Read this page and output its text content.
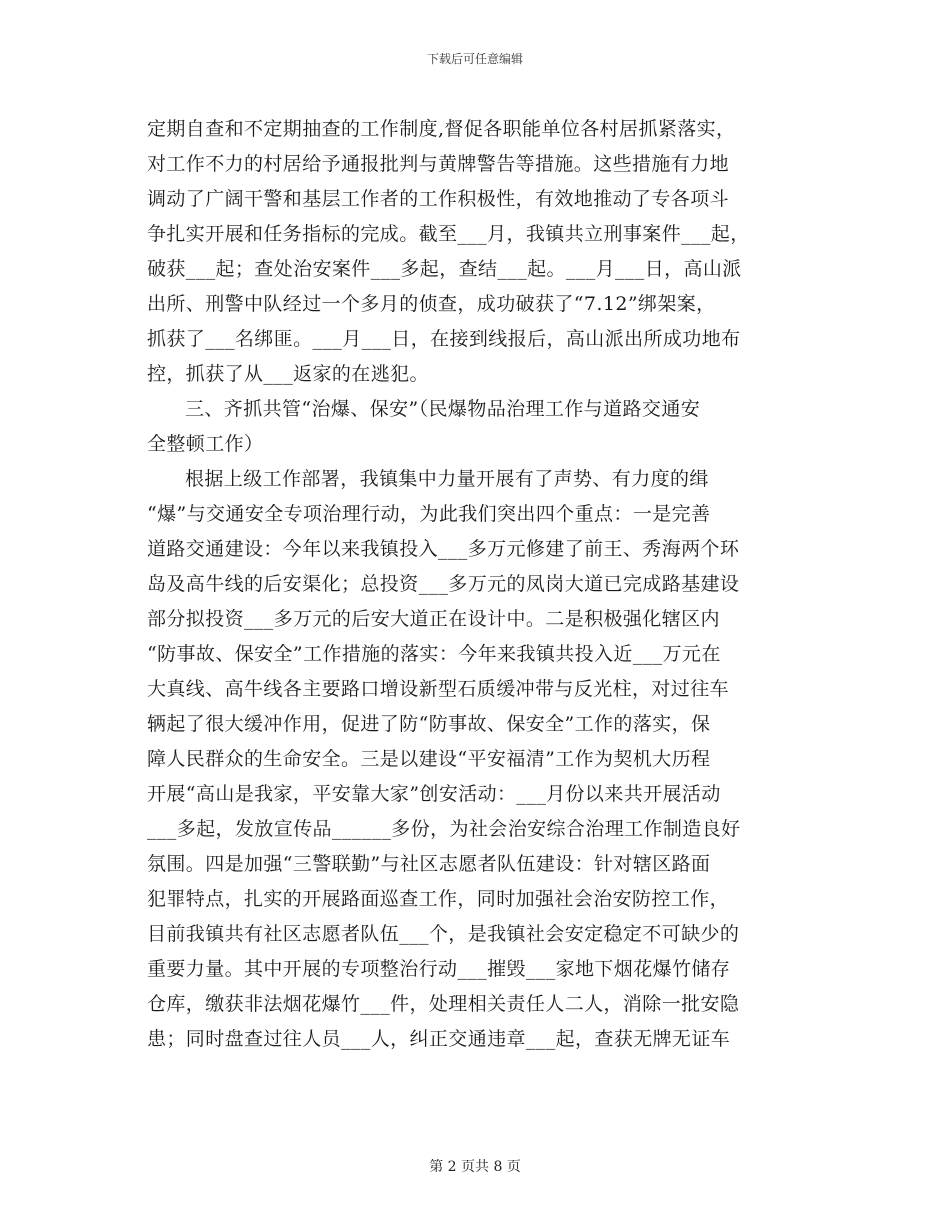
下载后可任意编辑
定期自查和不定期抽查的工作制度,督促各职能单位各村居抓紧落实，
对工作不力的村居给予通报批判与黄牌警告等措施。这些措施有力地
调动了广阔干警和基层工作者的工作积极性，有效地推动了专各项斗
争扎实开展和任务指标的完成。截至___月，我镇共立刑事案件___起，
破获___起；查处治安案件___多起，查结___起。___月___日，高山派
出所、刑警中队经过一个多月的侦查，成功破获了“7.12”绑架案，
抓获了___名绑匪。___月___日，在接到线报后，高山派出所成功地布
控，抓获了从___返家的在逃犯。
三、齐抓共管“治爆、保安”（民爆物品治理工作与道路交通安
全整顿工作）
根据上级工作部署，我镇集中力量开展有了声势、有力度的缉
“爆”与交通安全专项治理行动，为此我们突出四个重点：一是完善
道路交通建设：今年以来我镇投入___多万元修建了前王、秀海两个环
岛及高牛线的后安渠化；总投资___多万元的凤岗大道已完成路基建设
部分拟投资___多万元的后安大道正在设计中。二是积极强化辖区内
“防事故、保安全”工作措施的落实：今年来我镇共投入近___万元在
大真线、高牛线各主要路口增设新型石质缓冲带与反光柱，对过往车
辆起了很大缓冲作用，促进了防“防事故、保安全”工作的落实，保
障人民群众的生命安全。三是以建设“平安福清”工作为契机大历程
开展“高山是我家，平安靠大家”创安活动：___月份以来共开展活动
___多起，发放宣传品______多份，为社会治安综合治理工作制造良好
氛围。四是加强“三警联勤”与社区志愿者队伍建设：针对辖区路面
犯罪特点，扎实的开展路面巡查工作，同时加强社会治安防控工作，
目前我镇共有社区志愿者队伍___个，是我镇社会安定稳定不可缺少的
重要力量。其中开展的专项整治行动___摧毁___家地下烟花爆竹储存
仓库，缴获非法烟花爆竹___件，处理相关责任人二人，消除一批安隐
患；同时盘查过往人员___人，纠正交通违章___起，查获无牌无证车
第 2 页共 8 页
